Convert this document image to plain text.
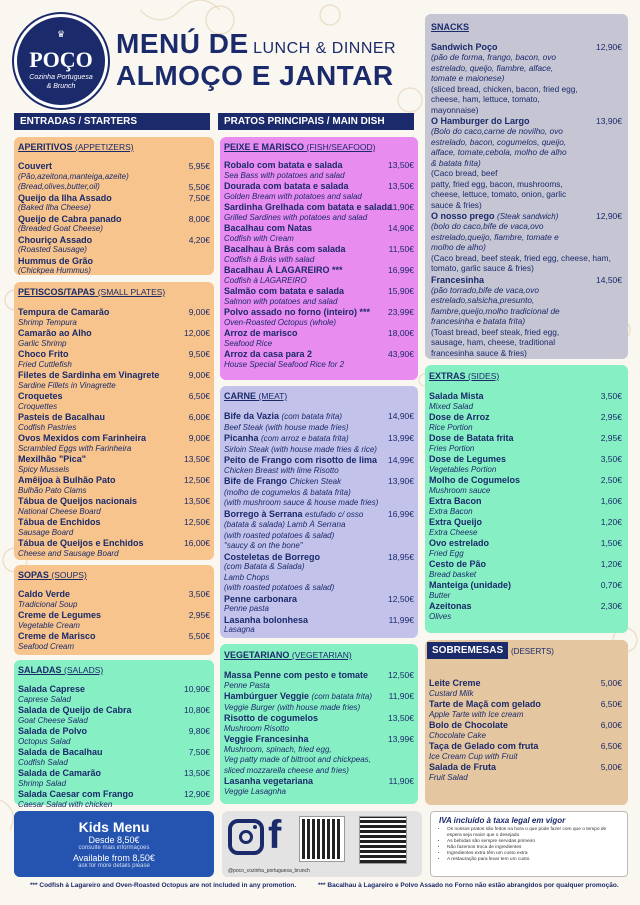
♛
POÇO
Cozinha Portuguesa
& Brunch
MENÚ DE LUNCH & DINNER
ALMOÇO E JANTAR
ENTRADAS / STARTERS	PRATOS PRINCIPAIS / MAIN DISH
APERITIVOS (APPETIZERS)
Couvert
(Pão,azeitona,manteiga,azeite)
5,95€
(Bread,olives,butter,oil)	5,50€
Queijo da Ilha Assado
(Baked Ilha Cheese)
7,50€
Queijo de Cabra panado
(Breaded Goat Cheese)
8,00€
Chouriço Assado
(Roasted Sausage)
4,20€
Hummus de Grão
(Chickpea Hummus)
PETISCOS/TAPAS (SMALL PLATES)
Tempura de Camarão
Shrimp Tempura
9,00€
Camarão ao Alho
Garlic Shrimp
12,00€
Choco Frito
Fried Cuttlefish
9,50€
Filetes de Sardinha em Vinagrete
Sardine Fillets in Vinagrette
9,00€
Croquetes
Croquettes
6,50€
Pasteis de Bacalhau
Codfish Pastries
6,00€
Ovos Mexidos com Farinheira
Scrambled Eggs with Farinheira
9,00€
Mexilhão "Pica"
Spicy Mussels
13,50€
Amêijoa à Bulhão Pato
Bulhão Pato Clams
12,50€
Tábua de Queijos nacionais
National Cheese Board
13,50€
Tábua de Enchidos
Sausage Board
12,50€
Tábua de Queijos e Enchidos
Cheese and Sausage Board
16,00€
SOPAS (SOUPS)
Caldo Verde
Tradicional Soup
3,50€
Creme de Legumes
Vegetable Cream
2,95€
Creme de Marisco
Seafood Cream
5,50€
SALADAS (SALADS)
Salada Caprese
Caprese Salad
10,90€
Salada de Queijo de Cabra
Goat Cheese Salad
10,80€
Salada de Polvo
Octopus Salad
9,80€
Salada de Bacalhau
Codfish Salad
7,50€
Salada de Camarão
Shrimp Salad
13,50€
Salada Caesar com Frango
Caesar Salad with chicken
12,90€
PEIXE E MARISCO (FISH/SEAFOOD)
Robalo com batata e salada
Sea Bass with potatoes and salad
13,50€
Dourada com batata e salada
Golden Bream with potatoes and salad
13,50€
Sardinha Grelhada com batata e salada
Grilled Sardines with potatoes and salad
11,90€
Bacalhau com Natas
Codfish with Cream
14,90€
Bacalhau à Brás com salada
Codfish à Brás with salad
11,50€
Bacalhau À LAGAREIRO ***
Codfish à LAGAREIRO
16,99€
Salmão com batata e salada
Salmon with potatoes and salad
15,90€
Polvo assado no forno (inteiro) ***
Oven-Roasted Octopus (whole)
23,99€
Arroz de marisco
Seafood Rice
18,00€
Arroz da casa para 2
House Special Seafood Rice for 2
43,90€
CARNE (MEAT)
Bife da Vazia (com batata frita)
Beef Steak (with house made fries)
14,90€
Picanha (com arroz e batata frita)
Sirloin Steak (with house made fries & rice)
13,99€
Peito de Frango com risotto de lima
Chicken Breast with lime Risotto
14,99€
Bife de Frango Chicken Steak
(molho de cogumelos & batata frita)
(with mushroom sauce & house made fries)
13,90€
Borrego à Serrana estufado c/ osso
(batata & salada) Lamb À Serrana
(with roasted potatoes & salad)
"saucy & on the bone"
16,99€
Costeletas de Borrego
(com Batata & Salada)
Lamb Chops
(with roasted potatoes & salad)
18,95€
Penne carbonara
Penne pasta
12,50€
Lasanha bolonhesa
Lasagna
11,99€
VEGETARIANO (VEGETARIAN)
Massa Penne com pesto e tomate
Penne Pasta
12,50€
Hambúrguer Veggie (com batata frita)
Veggie Burger (with house made fries)
11,90€
Risotto de cogumelos
Mushroom Risotto
13,50€
Veggie Francesinha
Mushroom, spinach, fried egg,
Veg patty made of bittroot and chickpeas,
sliced mozzarella cheese and fries)
13,99€
Lasanha vegetariana
Veggie Lasagnha
11,90€
SNACKS
Sandwich Poço	12,90€
(pão de forma, frango, bacon, ovo
estrelado, queijo, fiambre, alface,
tomate e maionese)
(sliced bread, chicken, bacon, fried egg,
cheese, ham, lettuce, tomato,
mayonnaise)
O Hamburger do Largo	13,90€
(Bolo do caco,carne de novilho, ovo
estrelado, bacon, cogumelos, queijo,
alface, tomate,cebola, molho de alho
& batata frita)
(Caco bread, beef
patty, fried egg, bacon, mushrooms,
cheese, lettuce, tomato, onion, garlic
sauce & fries)
O nosso prego (Steak sandwich)	12,90€
(bolo do caco,bife de vaca,ovo
estrelado,queijo, fiambre, tomate e
molho de alho)
(Caco bread, beef steak, fried egg, cheese, ham,
tomato, garlic sauce & fries)
Francesinha	14,50€
(pão torrado,bife de vaca,ovo
estrelado,salsicha,presunto,
fiambre,queijo,molho tradicional de
francesinha e batata frita)
(Toast bread, beef steak, fried egg,
sausage, ham, cheese, traditional
francesinha sauce & fries)
EXTRAS (SIDES)
Salada Mista
Mixed Salad
3,50€
Dose de Arroz
Rice Portion
2,95€
Dose de Batata frita
Fries Portion
2,95€
Dose de Legumes
Vegetables Portion
3,50€
Molho de Cogumelos
Mushroom sauce
2,50€
Extra Bacon
Extra Bacon
1,60€
Extra Queijo
Extra Cheese
1,20€
Ovo estrelado
Fried Egg
1,50€
Cesto de Pão
Bread basket
1,20€
Manteiga (unidade)
Butter
0,70€
Azeitonas
Olives
2,30€
SOBREMESAS (DESERTS)
Leite Creme
Custard Milk
5,00€
Tarte de Maçã com gelado
Apple Tarte with Ice cream
6,50€
Bolo de Chocolate
Chocolate Cake
6,00€
Taça de Gelado com fruta
Ice Cream Cup with Fruit
6,50€
Salada de Fruta
Fruit Salad
5,00€
Kids Menu
Desde 8,50€
consulte mais informações
Available from 8,50€
ask for more details please
f
@poco_cozinha_portuguesa_brunch
IVA incluído à taxa legal em vigor
• Os nossos pratos são feitos na hora o que pode fazer com que o tempo de espera seja maior que o desejado
• As bebidas são sempre servidas primeiro
• Não fazemos troca de ingredientes
• Ingredientes extra têm um custo extra
• A restauração para levar tem um custo
*** Codfish à Lagareiro and Oven-Roasted Octopus are not included in any promotion.	*** Bacalhau à Lagareiro e Polvo Assado no Forno não estão abrangidos por qualquer promoção.
